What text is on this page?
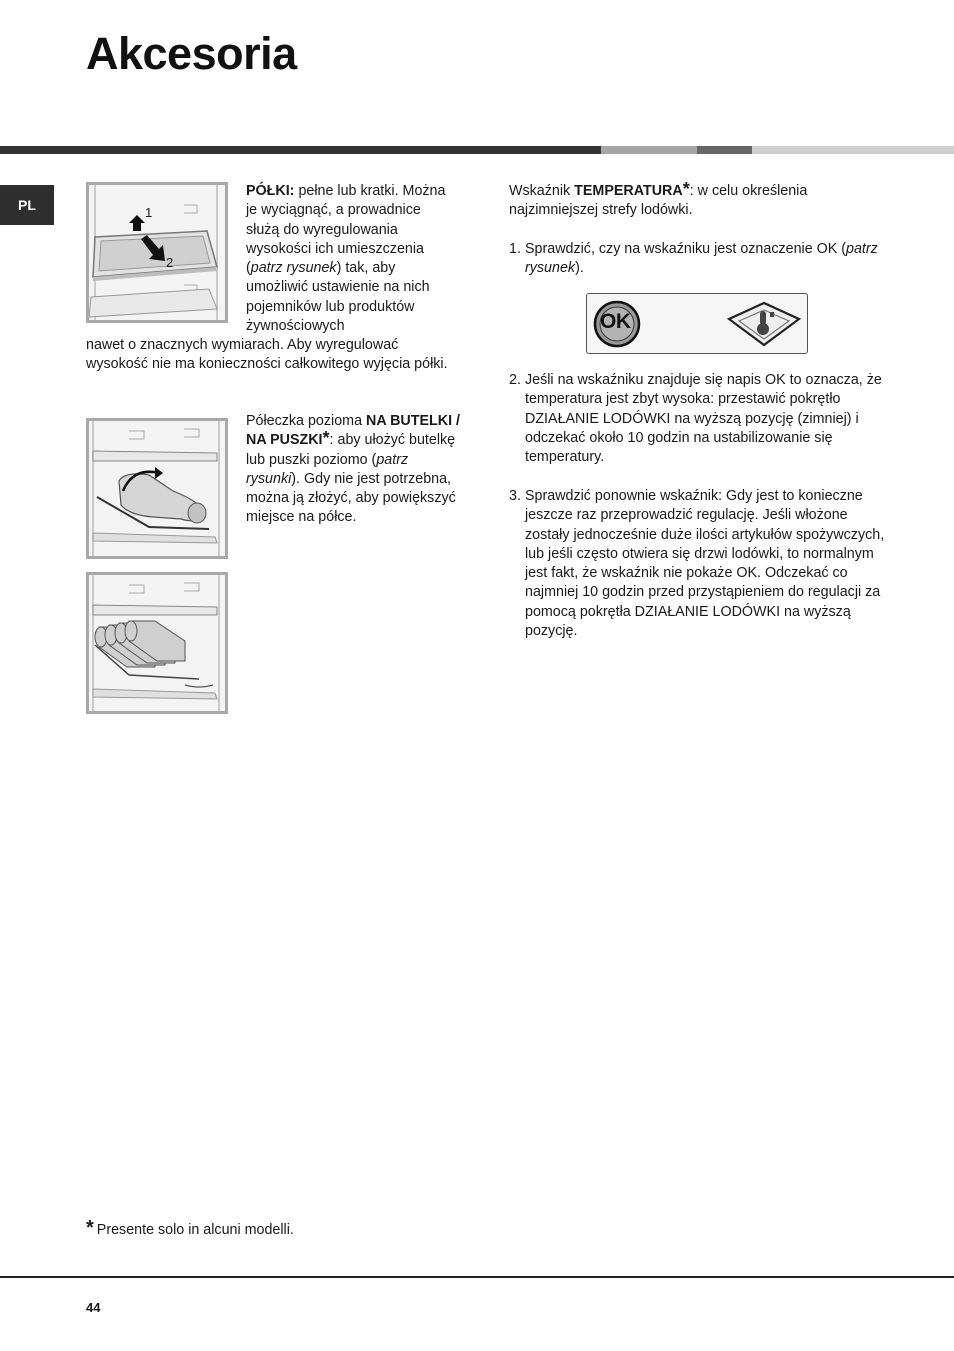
Akcesoria
PL	1
2
PÓŁKI: pełne lub kratki. Można je wyciągnąć, a prowadnice służą do wyregulowania wysokości ich umieszczenia (patrz rysunek) tak, aby umożliwić ustawienie na nich pojemników lub produktów żywnościowych
nawet o znacznych wymiarach. Aby wyregulować wysokość nie ma konieczności całkowitego wyjęcia półki.
Półeczka pozioma NA BUTELKI / NA PUSZKI*: aby ułożyć butelkę lub puszki poziomo (patrz rysunki). Gdy nie jest potrzebna, można ją złożyć, aby powiększyć miejsce na półce.
Wskaźnik TEMPERATURA*: w celu określenia najzimniejszej strefy lodówki.
1. Sprawdzić, czy na wskaźniku jest oznaczenie OK (patrz rysunek).
OK
2. Jeśli na wskaźniku znajduje się napis OK to oznacza, że temperatura jest zbyt wysoka: przestawić pokrętło DZIAŁANIE LODÓWKI na wyższą pozycję (zimniej) i odczekać około 10 godzin na ustabilizowanie się temperatury.
3. Sprawdzić ponownie wskaźnik: Gdy jest to konieczne jeszcze raz przeprowadzić regulację. Jeśli włożone zostały jednocześnie duże ilości artykułów spożywczych, lub jeśli często otwiera się drzwi lodówki, to normalnym jest fakt, że wskaźnik nie pokaże OK. Odczekać co najmniej 10 godzin przed przystąpieniem do regulacji za pomocą pokrętła DZIAŁANIE LODÓWKI na wyższą pozycję.
* Presente solo in alcuni modelli.
44
